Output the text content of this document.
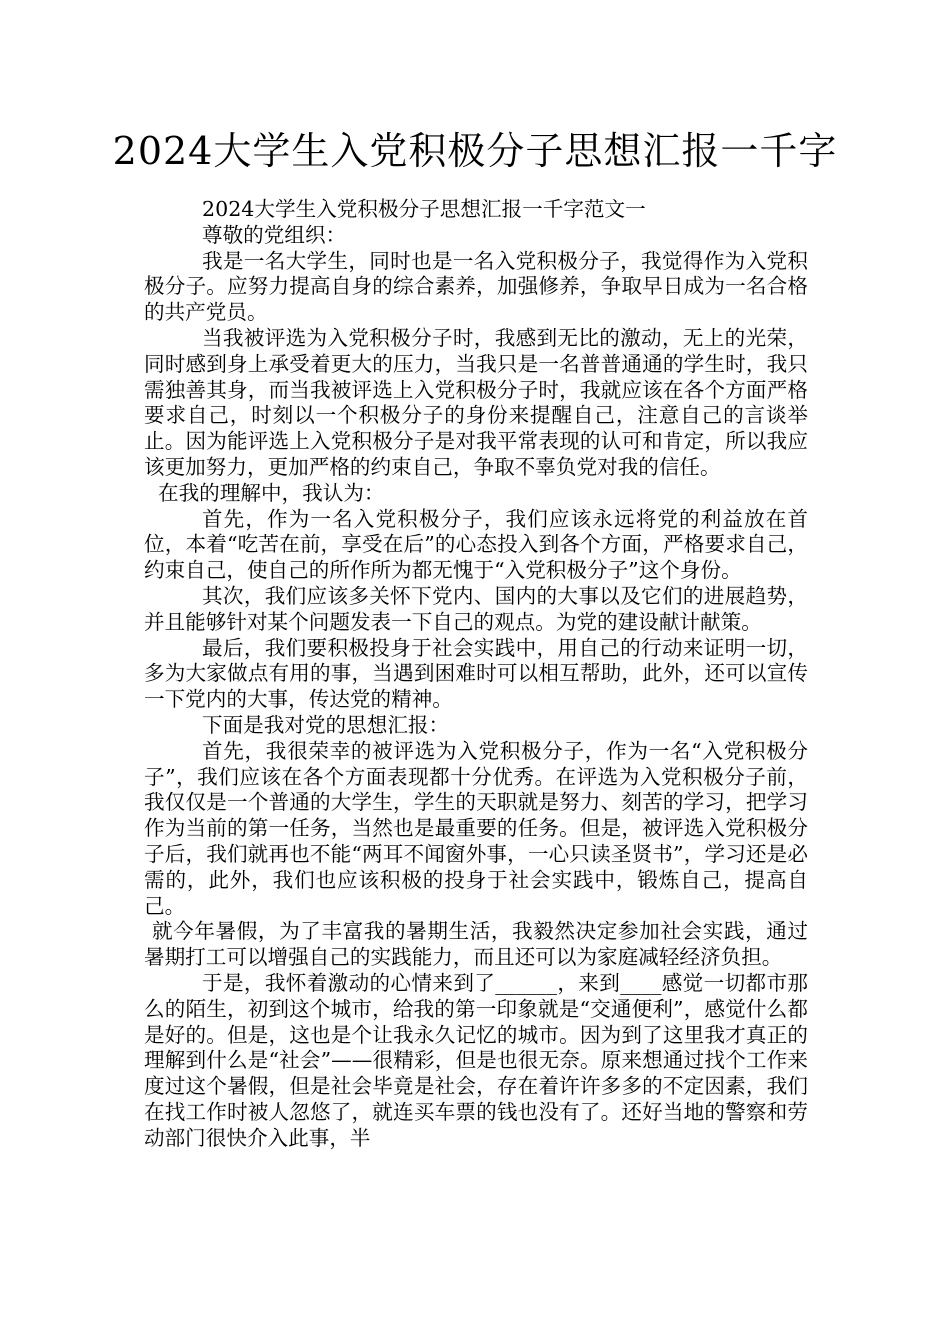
2024大学生入党积极分子思想汇报一千字

2024大学生入党积极分子思想汇报一千字范文一

尊敬的党组织：

我是一名大学生，同时也是一名入党积极分子，我觉得作为入党积极分子。应努力提高自身的综合素养，加强修养，争取早日成为一名合格的共产党员。

当我被评选为入党积极分子时，我感到无比的激动，无上的光荣，同时感到身上承受着更大的压力，当我只是一名普普通通的学生时，我只需独善其身，而当我被评选上入党积极分子时，我就应该在各个方面严格要求自己，时刻以一个积极分子的身份来提醒自己，注意自己的言谈举止。因为能评选上入党积极分子是对我平常表现的认可和肯定，所以我应该更加努力，更加严格的约束自己，争取不辜负党对我的信任。

在我的理解中，我认为：

首先，作为一名入党积极分子，我们应该永远将党的利益放在首位，本着“吃苦在前，享受在后”的心态投入到各个方面，严格要求自己，约束自己，使自己的所作所为都无愧于“入党积极分子”这个身份。

其次，我们应该多关怀下党内、国内的大事以及它们的进展趋势，并且能够针对某个问题发表一下自己的观点。为党的建设献计献策。

最后，我们要积极投身于社会实践中，用自己的行动来证明一切，多为大家做点有用的事，当遇到困难时可以相互帮助，此外，还可以宣传一下党内的大事，传达党的精神。

下面是我对党的思想汇报：

首先，我很荣幸的被评选为入党积极分子，作为一名“入党积极分子”，我们应该在各个方面表现都十分优秀。在评选为入党积极分子前，我仅仅是一个普通的大学生，学生的天职就是努力、刻苦的学习，把学习作为当前的第一任务，当然也是最重要的任务。但是，被评选入党积极分子后，我们就再也不能“两耳不闻窗外事，一心只读圣贤书”，学习还是必需的，此外，我们也应该积极的投身于社会实践中，锻炼自己，提高自己。

就今年暑假，为了丰富我的暑期生活，我毅然决定参加社会实践，通过暑期打工可以增强自己的实践能力，而且还可以为家庭减轻经济负担。

于是，我怀着激动的心情来到了______，来到____感觉一切都市那么的陌生，初到这个城市，给我的第一印象就是“交通便利”，感觉什么都是好的。但是，这也是个让我永久记忆的城市。因为到了这里我才真正的理解到什么是“社会”——很精彩，但是也很无奈。原来想通过找个工作来度过这个暑假，但是社会毕竟是社会，存在着许许多多的不定因素，我们在找工作时被人忽悠了，就连买车票的钱也没有了。还好当地的警察和劳动部门很快介入此事，半
